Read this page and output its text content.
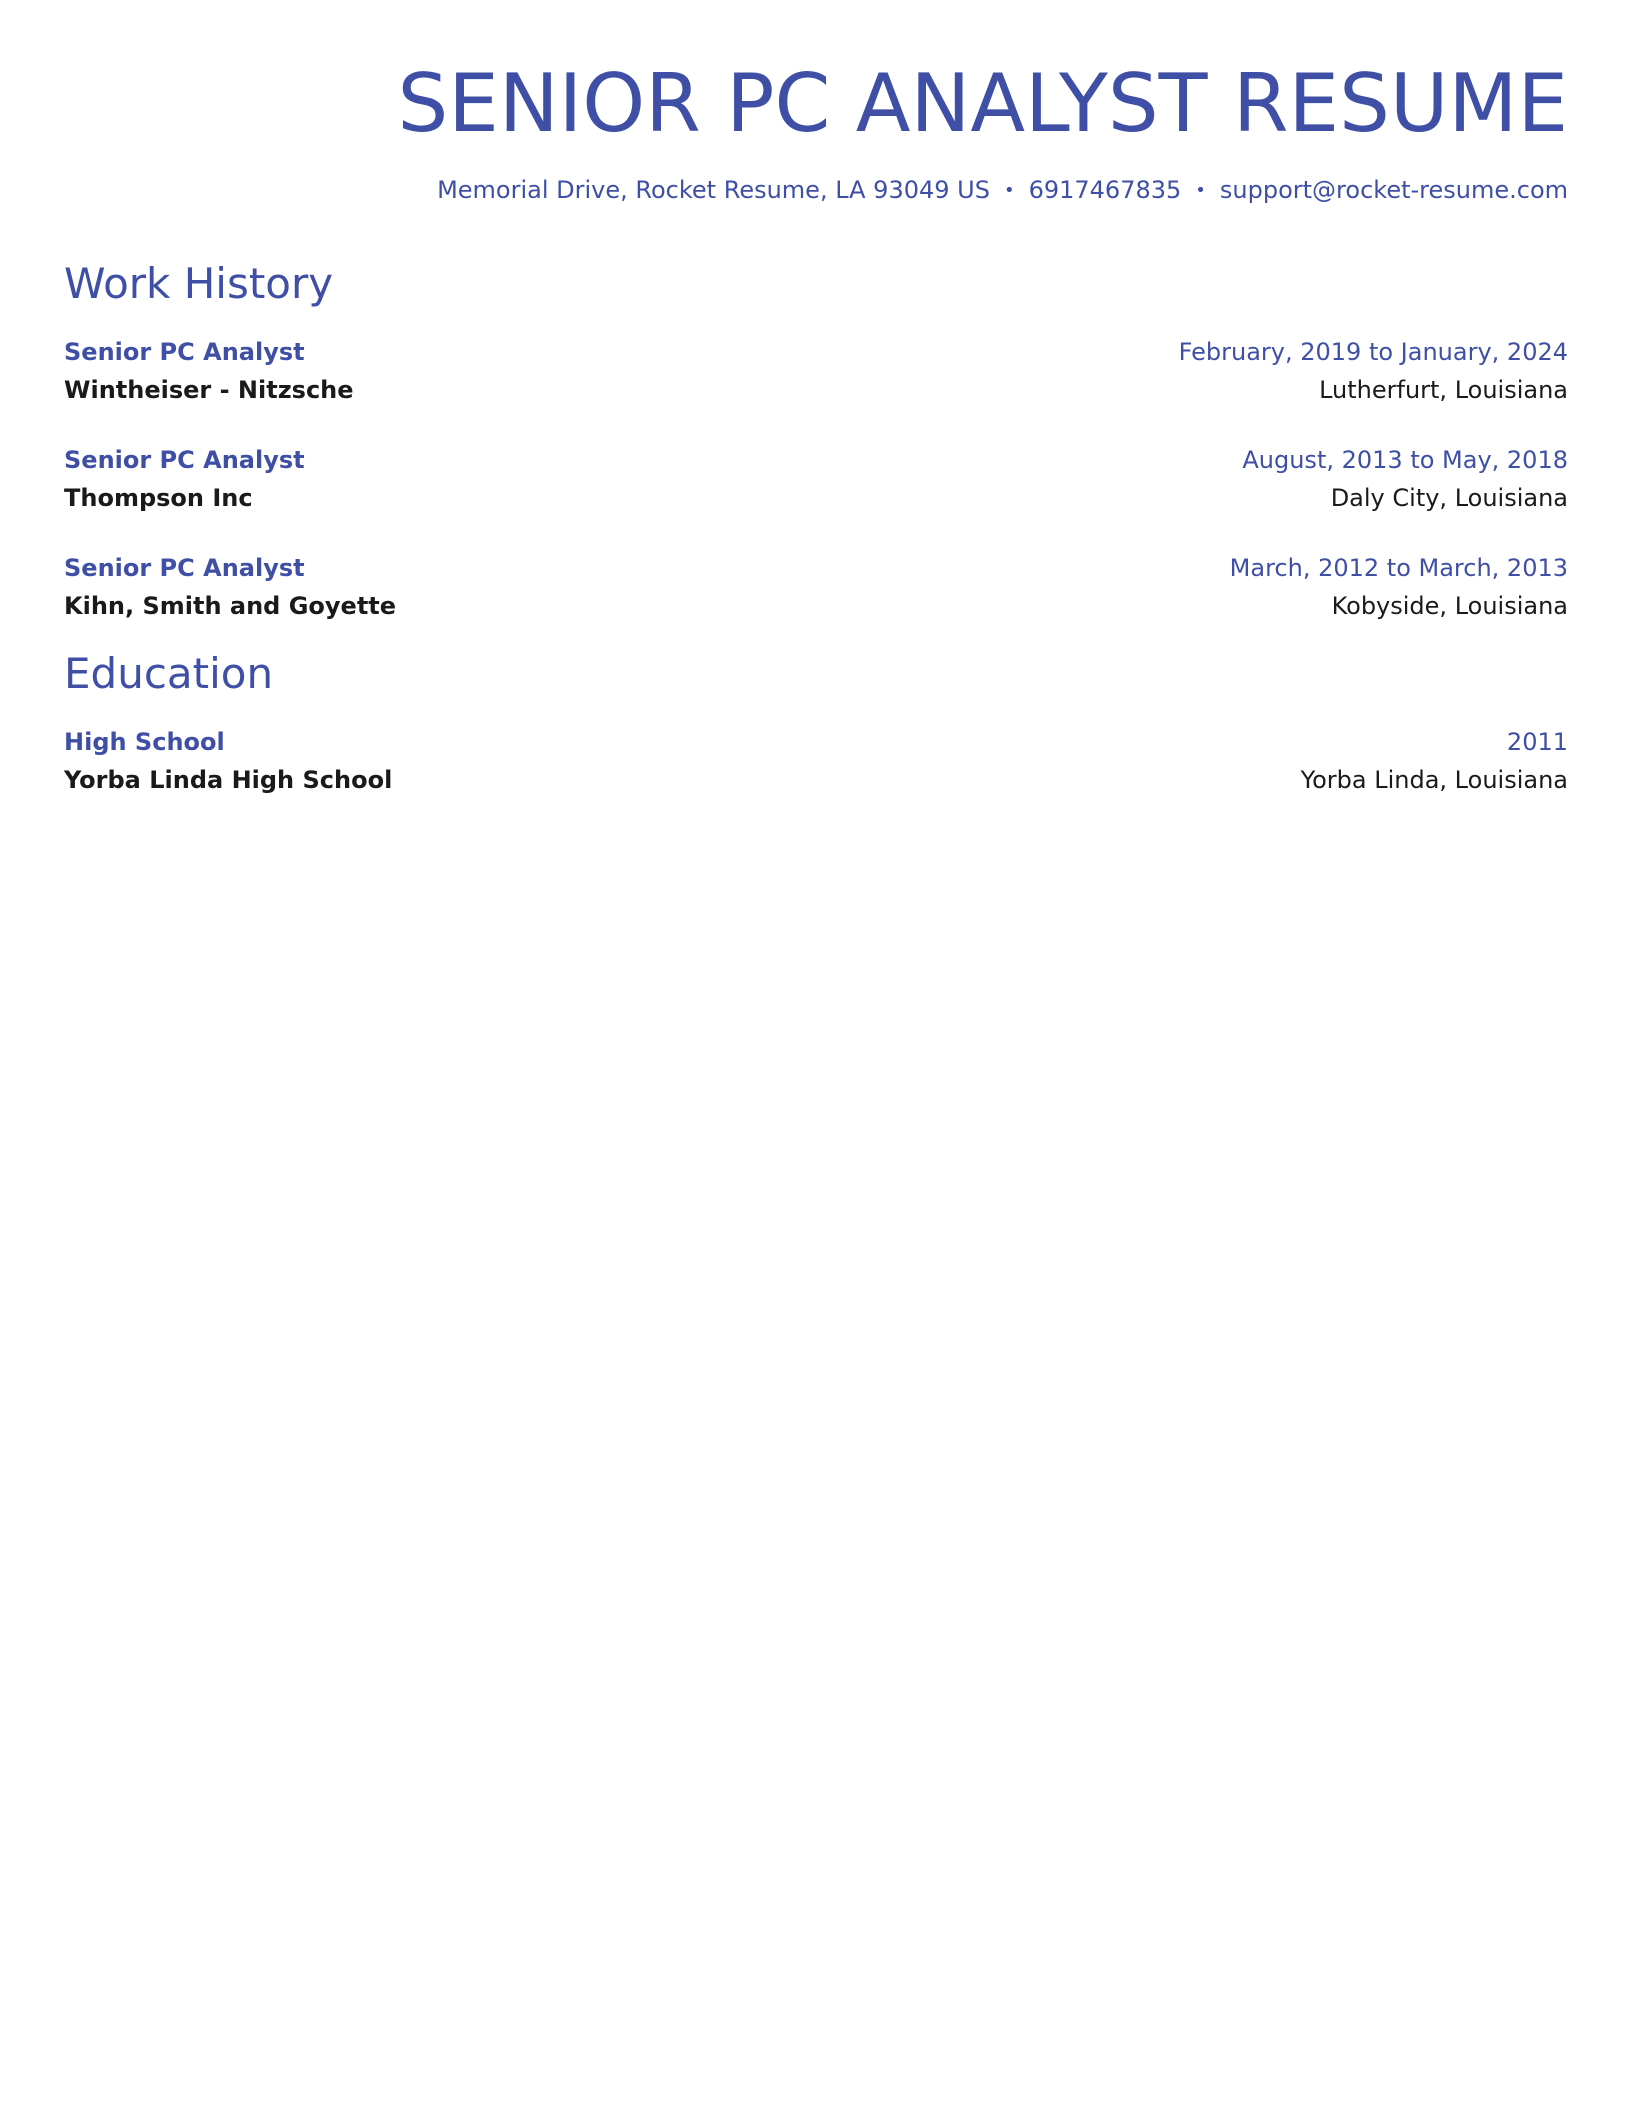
SENIOR PC ANALYST RESUME
Memorial Drive, Rocket Resume, LA 93049 US • 6917467835 • support@rocket-resume.com
Work History
Senior PC Analyst	February, 2019 to January, 2024
Wintheiser - Nitzsche	Lutherfurt, Louisiana
Senior PC Analyst	August, 2013 to May, 2018
Thompson Inc	Daly City, Louisiana
Senior PC Analyst	March, 2012 to March, 2013
Kihn, Smith and Goyette	Kobyside, Louisiana
Education
High School	2011
Yorba Linda High School	Yorba Linda, Louisiana
